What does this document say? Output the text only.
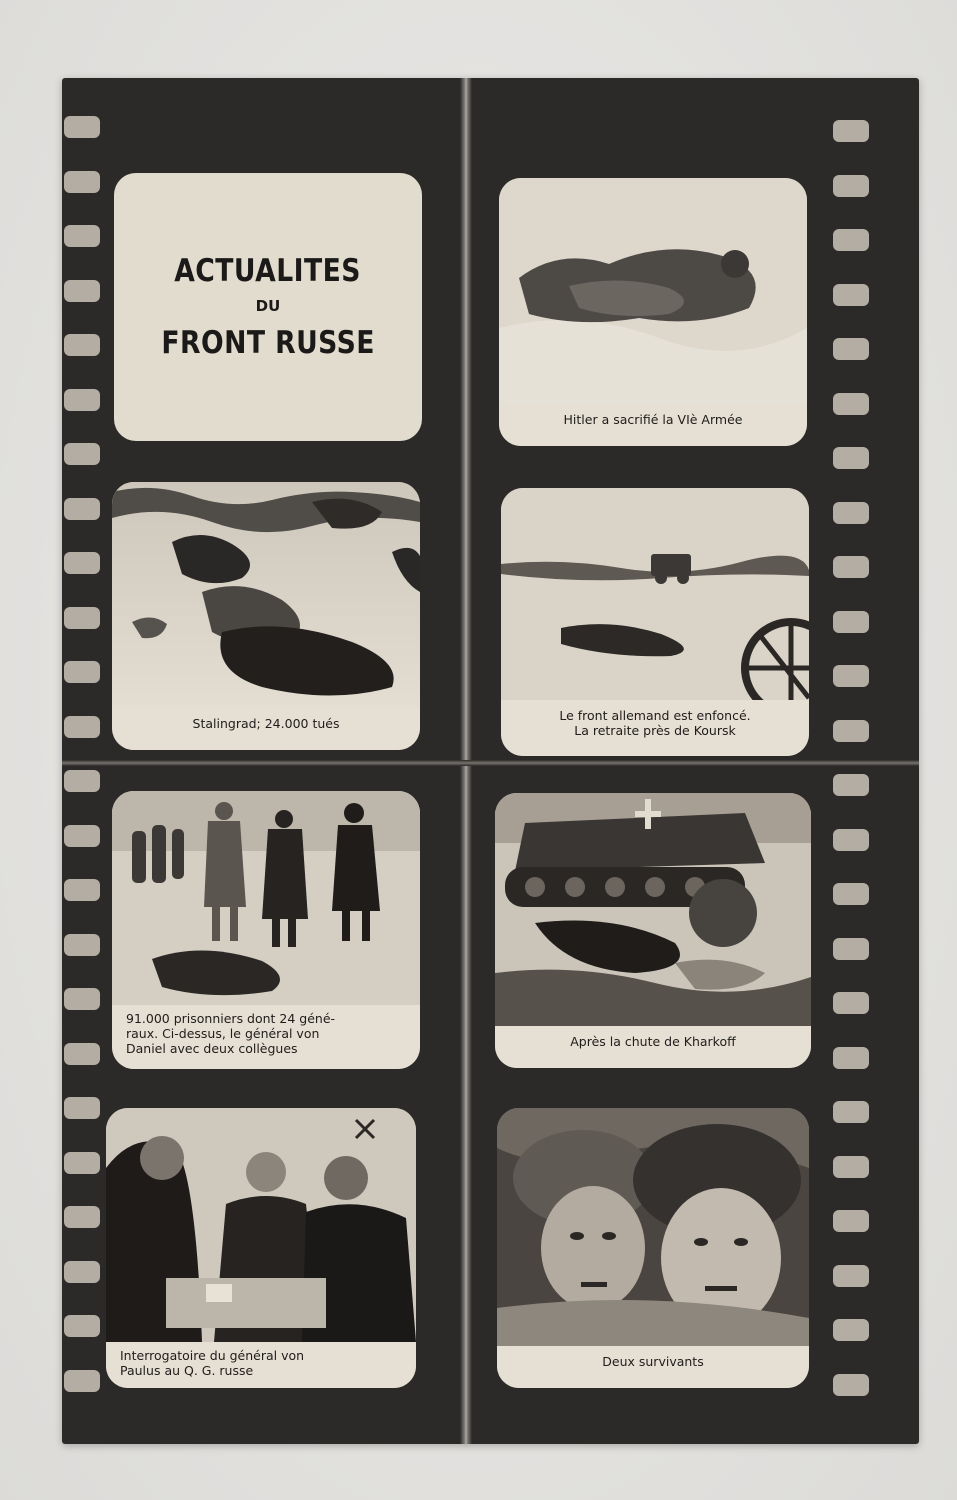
ACTUALITES
DU
FRONT RUSSE
Stalingrad; 24.000 tués
91.000 prisonniers dont 24 géné-
raux. Ci-dessus, le général von
Daniel avec deux collègues
Interrogatoire du général von
Paulus au Q. G. russe
Hitler a sacrifié la VIè Armée
Le front allemand est enfoncé.
La retraite près de Koursk
Après la chute de Kharkoff
Deux survivants
